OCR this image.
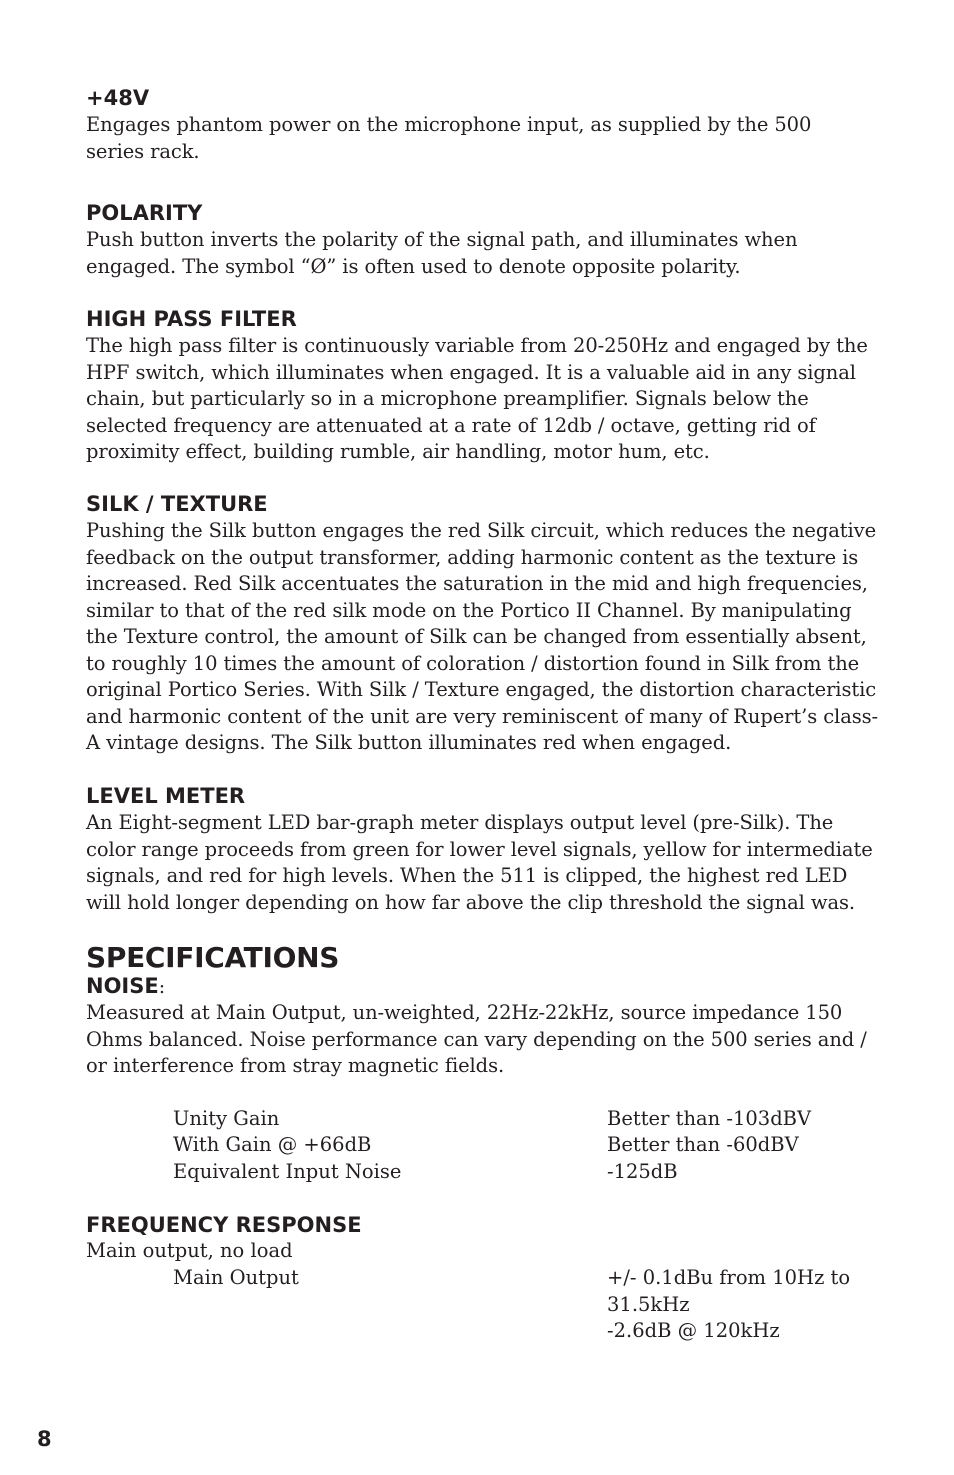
+48V

Engages phantom power on the microphone input, as supplied by the 500 series rack.

POLARITY

Push button inverts the polarity of the signal path, and illuminates when engaged. The symbol “Ø” is often used to denote opposite polarity.

HIGH PASS FILTER

The high pass filter is continuously variable from 20-250Hz and engaged by the HPF switch, which illuminates when engaged. It is a valuable aid in any signal chain, but particularly so in a microphone preamplifier. Signals below the selected frequency are attenuated at a rate of 12db / octave, getting rid of proximity effect, building rumble, air handling, motor hum, etc.

SILK / TEXTURE

Pushing the Silk button engages the red Silk circuit, which reduces the negative feedback on the output transformer, adding harmonic content as the texture is increased. Red Silk accentuates the saturation in the mid and high frequencies, similar to that of the red silk mode on the Portico II Channel. By manipulating the Texture control, the amount of Silk can be changed from essentially absent, to roughly 10 times the amount of coloration / distortion found in Silk from the original Portico Series. With Silk / Texture engaged, the distortion characteristic and harmonic content of the unit are very reminiscent of many of Rupert’s class-A vintage designs. The Silk button illuminates red when engaged.

LEVEL METER

An Eight-segment LED bar-graph meter displays output level (pre-Silk). The color range proceeds from green for lower level signals, yellow for intermediate signals, and red for high levels. When the 511 is clipped, the highest red LED will hold longer depending on how far above the clip threshold the signal was.

SPECIFICATIONS
NOISE:

Measured at Main Output, un-weighted, 22Hz-22kHz, source impedance 150 Ohms balanced. Noise performance can vary depending on the 500 series and / or interference from stray magnetic fields.

Unity Gain	Better than -103dBV
With Gain @ +66dB	Better than -60dBV
Equivalent Input Noise	-125dB
FREQUENCY RESPONSE
Main output, no load
Main Output	+/- 0.1dBu from 10Hz to 31.5kHz
-2.6dB @ 120kHz
8
